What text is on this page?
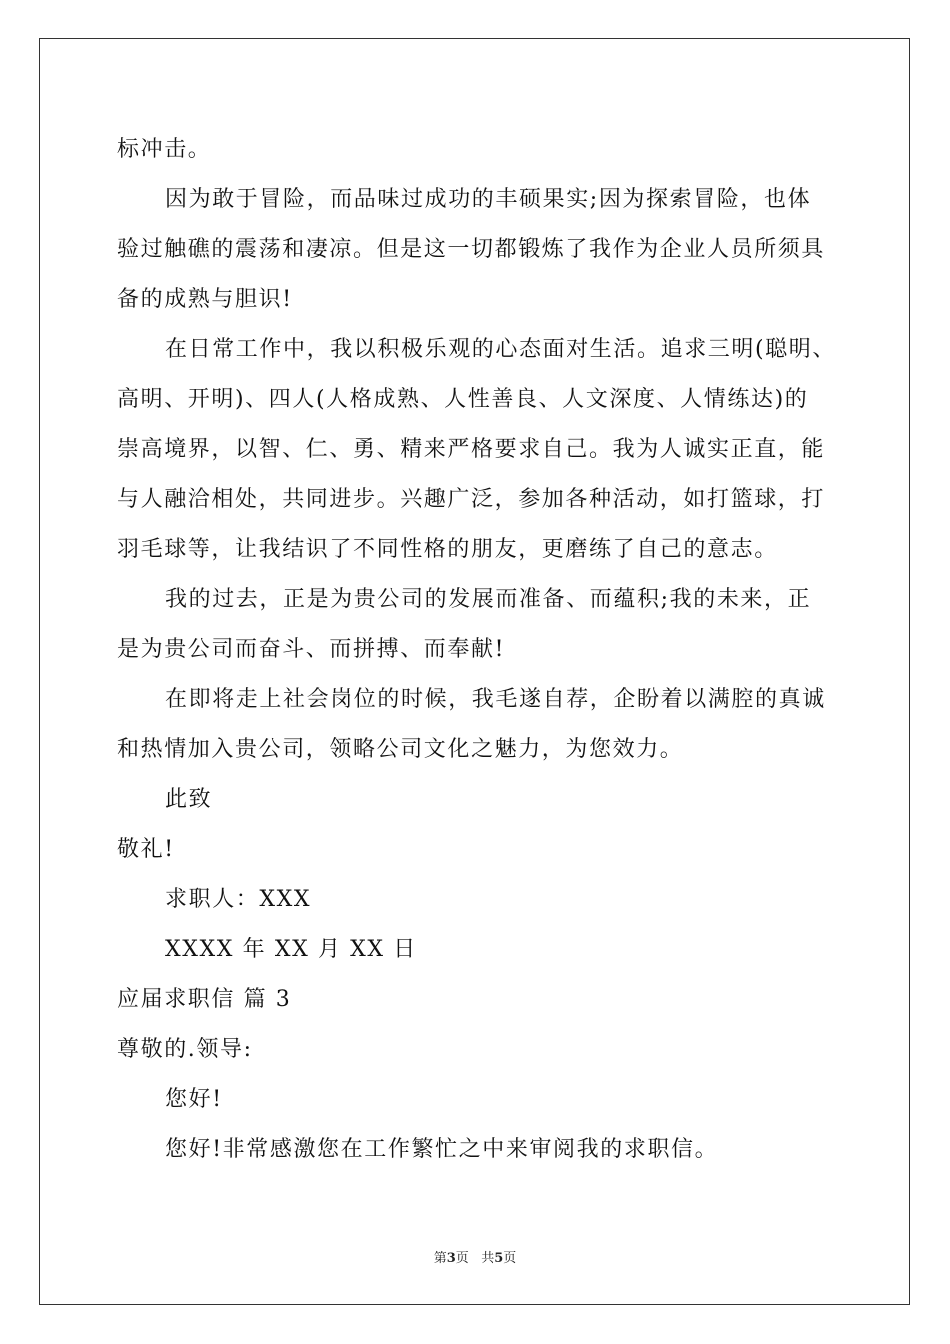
标冲击。
因为敢于冒险，而品味过成功的丰硕果实;因为探索冒险，也体
验过触礁的震荡和凄凉。但是这一切都锻炼了我作为企业人员所须具
备的成熟与胆识!
在日常工作中，我以积极乐观的心态面对生活。追求三明(聪明、
高明、开明)、四人(人格成熟、人性善良、人文深度、人情练达)的
崇高境界，以智、仁、勇、精来严格要求自己。我为人诚实正直，能
与人融洽相处，共同进步。兴趣广泛，参加各种活动，如打篮球，打
羽毛球等，让我结识了不同性格的朋友，更磨练了自己的意志。
我的过去，正是为贵公司的发展而准备、而蕴积;我的未来，正
是为贵公司而奋斗、而拼搏、而奉献!
在即将走上社会岗位的时候，我毛遂自荐，企盼着以满腔的真诚
和热情加入贵公司，领略公司文化之魅力，为您效力。
此致
敬礼!
求职人：XXX
XXXX 年 XX 月 XX 日
应届求职信 篇 3
尊敬的.领导:
您好!
您好!非常感激您在工作繁忙之中来审阅我的求职信。
第3页   共5页
